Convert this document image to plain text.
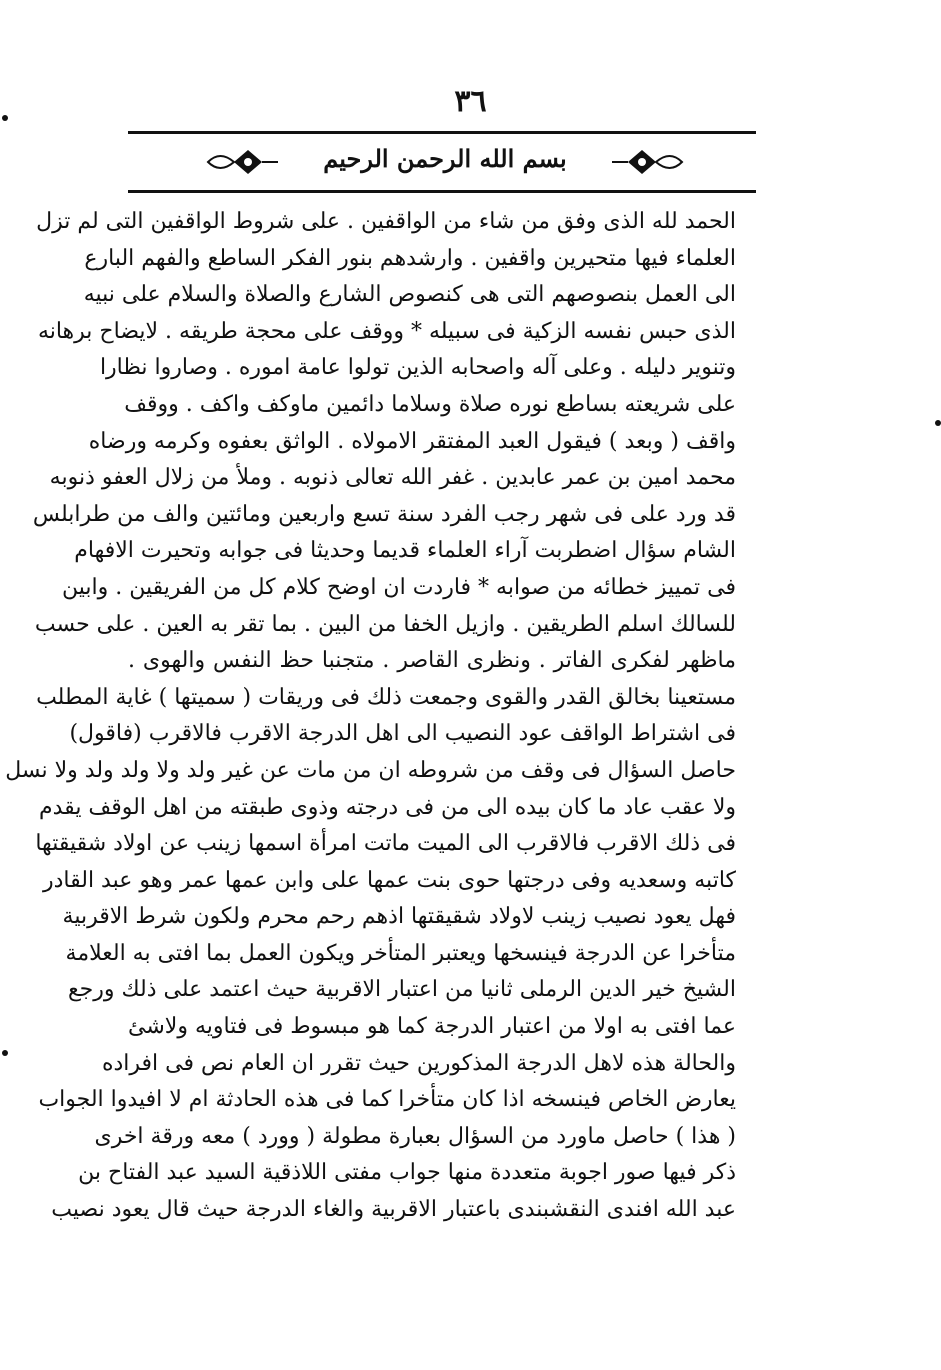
٣٦
بسم الله الرحمن الرحيم
الحمد لله الذى وفق من شاء من الواقفين . على شروط الواقفين التى لم تزل
العلماء فيها متحيرين واقفين . وارشدهم بنور الفكر الساطع والفهم البارع
الى العمل بنصوصهم التى هى كنصوص الشارع والصلاة والسلام على نبيه
الذى حبس نفسه الزكية فى سبيله * ووقف على محجة طريقه . لايضاح برهانه
وتنوير دليله . وعلى آله واصحابه الذين تولوا عامة اموره . وصاروا نظارا
على شريعته بساطع نوره صلاة وسلاما دائمين ماوكف واكف . ووقف
واقف ( وبعد ) فيقول العبد المفتقر الامولاه . الواثق بعفوه وكرمه ورضاه
محمد امين بن عمر عابدين . غفر الله تعالى ذنوبه . وملأ من زلال العفو ذنوبه
قد ورد على فى شهر رجب الفرد سنة تسع واربعين ومائتين والف من طرابلس
الشام سؤال اضطربت آراء العلماء قديما وحديثا فى جوابه وتحيرت الافهام
فى تمييز خطائه من صوابه * فاردت ان اوضح كلام كل من الفريقين . وابين
للسالك اسلم الطريقين . وازيل الخفا من البين . بما تقر به العين . على حسب
ماظهر لفكرى الفاتر . ونظرى القاصر . متجنبا حظ النفس والهوى .
مستعينا بخالق القدر والقوى وجمعت ذلك فى وريقات ( سميتها ) غاية المطلب
فى اشتراط الواقف عود النصيب الى اهل الدرجة الاقرب فالاقرب (فاقول)
حاصل السؤال فى وقف من شروطه ان من مات عن غير ولد ولا ولد ولد ولا نسل
ولا عقب عاد ما كان بيده الى من فى درجته وذوى طبقته من اهل الوقف يقدم
فى ذلك الاقرب فالاقرب الى الميت ماتت امرأة اسمها زينب عن اولاد شقيقتها
كاتبه وسعديه وفى درجتها حوى بنت عمها على وابن عمها عمر وهو عبد القادر
فهل يعود نصيب زينب لاولاد شقيقتها اذهم رحم محرم ولكون شرط الاقربية
متأخرا عن الدرجة فينسخها ويعتبر المتأخر ويكون العمل بما افتى به العلامة
الشيخ خير الدين الرملى ثانيا من اعتبار الاقربية حيث اعتمد على ذلك ورجع
عما افتى به اولا من اعتبار الدرجة كما هو مبسوط فى فتاويه ولاشئ
والحالة هذه لاهل الدرجة المذكورين حيث تقرر ان العام نص فى افراده
يعارض الخاص فينسخه اذا كان متأخرا كما فى هذه الحادثة ام لا افيدوا الجواب
( هذا ) حاصل ماورد من السؤال بعبارة مطولة ( وورد ) معه ورقة اخرى
ذكر فيها صور اجوبة متعددة منها جواب مفتى اللاذقية السيد عبد الفتاح بن
عبد الله افندى النقشبندى باعتبار الاقربية والغاء الدرجة حيث قال يعود نصيب
